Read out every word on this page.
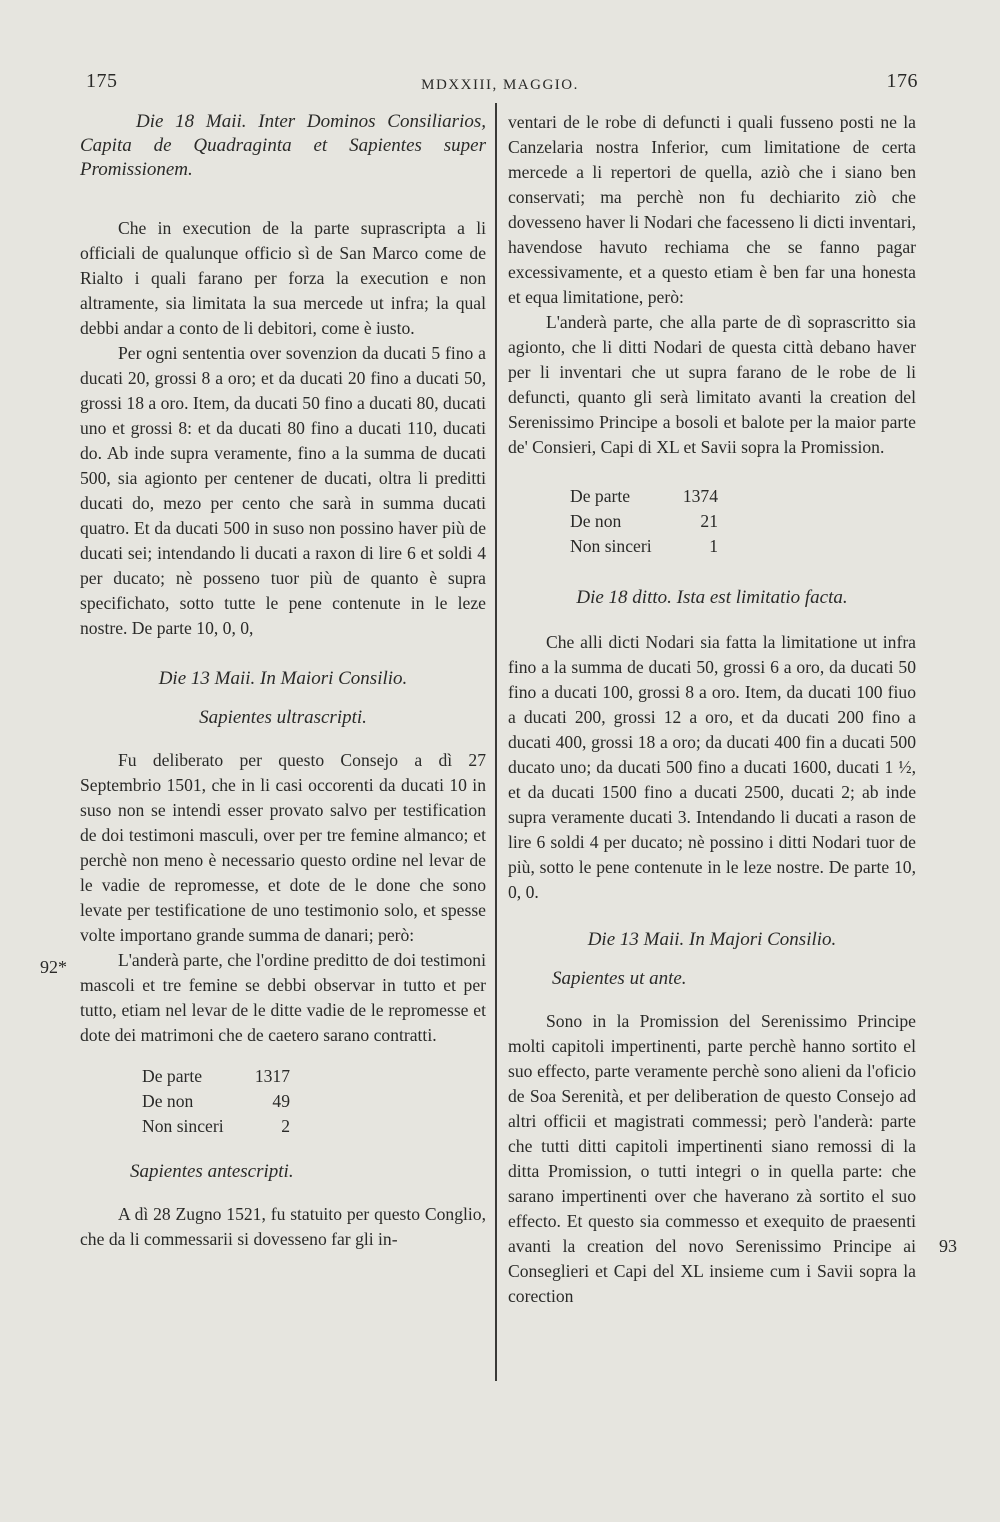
175	MDXXIII, MAGGIO.	176
92*
93

Die 18 Maii. Inter Dominos Consiliarios, Capita de Quadraginta et Sapientes super Promissionem.

Che in execution de la parte suprascripta a li officiali de qualunque officio sì de San Marco come de Rialto i quali farano per forza la execution e non altramente, sia limitata la sua mercede ut infra; la qual debbi andar a conto de li debitori, come è iusto.

Per ogni sententia over sovenzion da ducati 5 fino a ducati 20, grossi 8 a oro; et da ducati 20 fino a ducati 50, grossi 18 a oro. Item, da ducati 50 fino a ducati 80, ducati uno et grossi 8: et da ducati 80 fino a ducati 110, ducati do. Ab inde supra veramente, fino a la summa de ducati 500, sia agionto per centener de ducati, oltra li preditti ducati do, mezo per cento che sarà in summa ducati quatro. Et da ducati 500 in suso non possino haver più de ducati sei; intendando li ducati a raxon di lire 6 et soldi 4 per ducato; nè posseno tuor più de quanto è supra specifichato, sotto tutte le pene contenute in le leze nostre. De parte 10, 0, 0,

Die 13 Maii. In Maiori Consilio.

Sapientes ultrascripti.

Fu deliberato per questo Consejo a dì 27 Septembrio 1501, che in li casi occorenti da ducati 10 in suso non se intendi esser provato salvo per testification de doi testimoni masculi, over per tre femine almanco; et perchè non meno è necessario questo ordine nel levar de le vadie de repromesse, et dote de le done che sono levate per testificatione de uno testimonio solo, et spesse volte importano grande summa de danari; però:

L'anderà parte, che l'ordine preditto de doi testimoni mascoli et tre femine se debbi observar in tutto et per tutto, etiam nel levar de le ditte vadie de le repromesse et dote dei matrimoni che de caetero sarano contratti.

De parte	1317
De non	49
Non sinceri	2

Sapientes antescripti.

A dì 28 Zugno 1521, fu statuito per questo Conglio, che da li commessarii si dovesseno far gli in-

ventari de le robe di defuncti i quali fusseno posti ne la Canzelaria nostra Inferior, cum limitatione de certa mercede a li repertori de quella, aziò che i siano ben conservati; ma perchè non fu dechiarito ziò che dovesseno haver li Nodari che facesseno li dicti inventari, havendose havuto rechiama che se fanno pagar excessivamente, et a questo etiam è ben far una honesta et equa limitatione, però:

L'anderà parte, che alla parte de dì soprascritto sia agionto, che li ditti Nodari de questa città debano haver per li inventari che ut supra farano de le robe de li defuncti, quanto gli serà limitato avanti la creation del Serenissimo Principe a bosoli et balote per la maior parte de' Consieri, Capi di XL et Savii sopra la Promission.

De parte	1374
De non	21
Non sinceri	1

Die 18 ditto. Ista est limitatio facta.

Che alli dicti Nodari sia fatta la limitatione ut infra fino a la summa de ducati 50, grossi 6 a oro, da ducati 50 fino a ducati 100, grossi 8 a oro. Item, da ducati 100 fiuo a ducati 200, grossi 12 a oro, et da ducati 200 fino a ducati 400, grossi 18 a oro; da ducati 400 fin a ducati 500 ducato uno; da ducati 500 fino a ducati 1600, ducati 1 ½, et da ducati 1500 fino a ducati 2500, ducati 2; ab inde supra veramente ducati 3. Intendando li ducati a rason de lire 6 soldi 4 per ducato; nè possino i ditti Nodari tuor de più, sotto le pene contenute in le leze nostre. De parte 10, 0, 0.

Die 13 Maii. In Majori Consilio.

Sapientes ut ante.

Sono in la Promission del Serenissimo Principe molti capitoli impertinenti, parte perchè hanno sortito el suo effecto, parte veramente perchè sono alieni da l'oficio de Soa Serenità, et per deliberation de questo Consejo ad altri officii et magistrati commessi; però l'anderà: parte che tutti ditti capitoli impertinenti siano remossi di la ditta Promission, o tutti integri o in quella parte: che sarano impertinenti over che haverano zà sortito el suo effecto. Et questo sia commesso et exequito de praesenti avanti la creation del novo Serenissimo Principe ai Conseglieri et Capi del XL insieme cum i Savii sopra la corection
